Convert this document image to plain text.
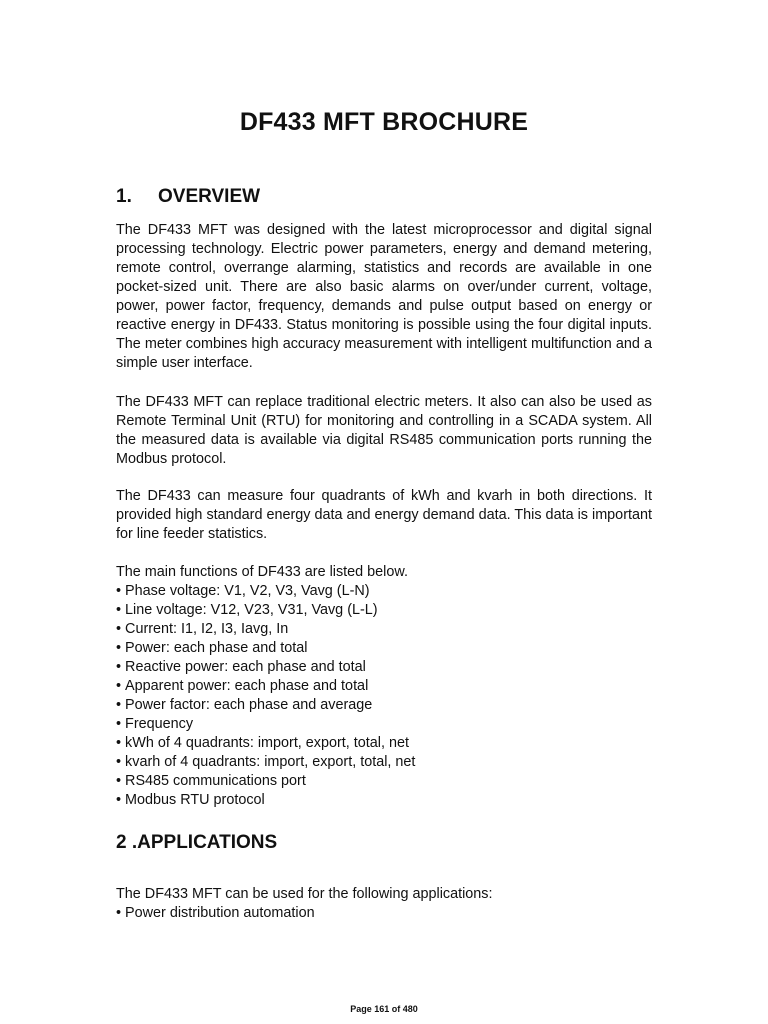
DF433 MFT BROCHURE
1. OVERVIEW

The DF433 MFT was designed with the latest microprocessor and digital signal processing technology. Electric power parameters, energy and demand metering, remote control, overrange alarming, statistics and records are available in one pocket-sized unit. There are also basic alarms on over/under current, voltage, power, power factor, frequency, demands and pulse output based on energy or reactive energy in DF433. Status monitoring is possible using the four digital inputs. The meter combines high accuracy measurement with intelligent multifunction and a simple user interface.

The DF433 MFT can replace traditional electric meters. It also can also be used as Remote Terminal Unit (RTU) for monitoring and controlling in a SCADA system. All the measured data is available via digital RS485 communication ports running the Modbus protocol.

The DF433 can measure four quadrants of kWh and kvarh in both directions. It provided high standard energy data and energy demand data. This data is important for line feeder statistics.

The main functions of DF433 are listed below.

• Phase voltage: V1, V2, V3, Vavg (L-N)
• Line voltage: V12, V23, V31, Vavg (L-L)
• Current: I1, I2, I3, Iavg, In
• Power: each phase and total
• Reactive power: each phase and total
• Apparent power: each phase and total
• Power factor: each phase and average
• Frequency
• kWh of 4 quadrants: import, export, total, net
• kvarh of 4 quadrants: import, export, total, net
• RS485 communications port
• Modbus RTU protocol
2 .APPLICATIONS

The DF433 MFT can be used for the following applications:

• Power distribution automation
Page 161 of 480
